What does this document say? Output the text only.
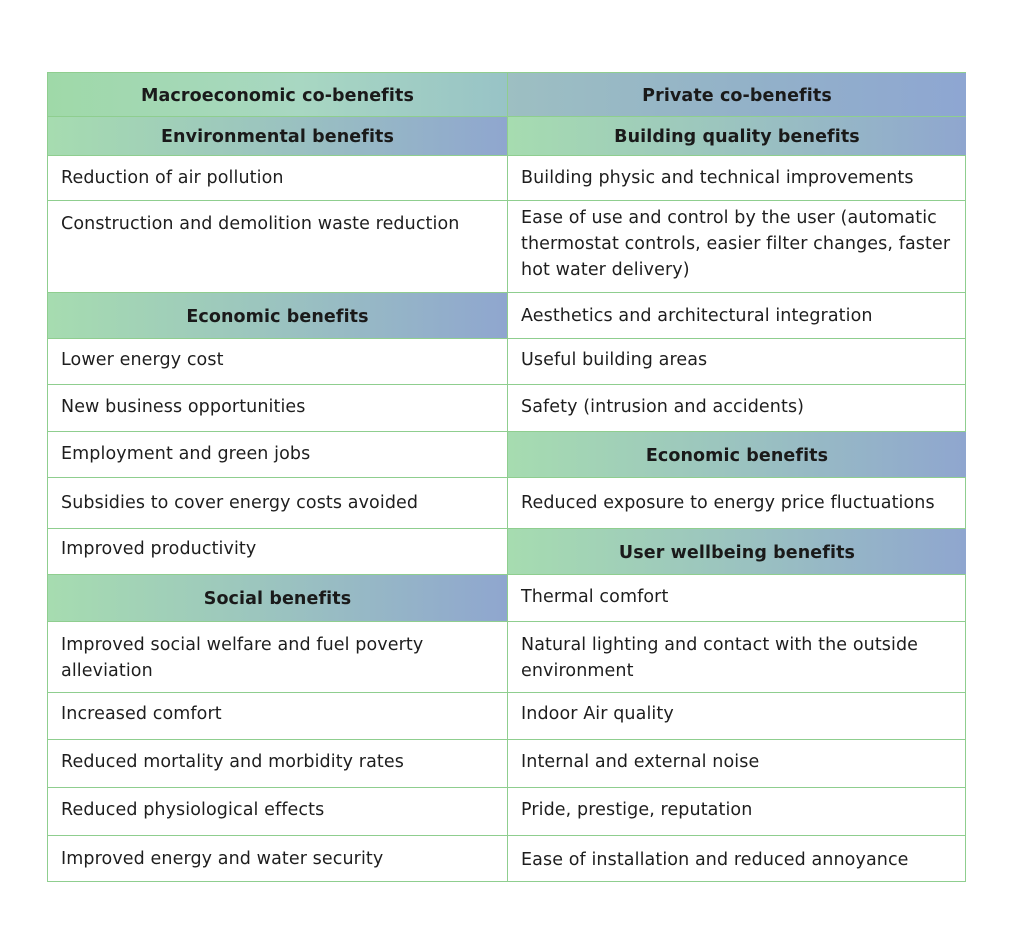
Macroeconomic co-benefits
Environmental benefits
Reduction of air pollution
Construction and demolition waste reduction
Economic benefits
Lower energy cost
New business opportunities
Employment and green jobs
Subsidies to cover energy costs avoided
Improved productivity
Social benefits
Improved social welfare and fuel poverty alleviation
Increased comfort
Reduced mortality and morbidity rates
Reduced physiological effects
Improved energy and water security
Private co-benefits
Building quality benefits
Building physic and technical improvements
Ease of use and control by the user (automatic thermostat controls, easier filter changes, faster hot water delivery)
Aesthetics and architectural integration
Useful building areas
Safety (intrusion and accidents)
Economic benefits
Reduced exposure to energy price fluctuations
User wellbeing benefits
Thermal comfort
Natural lighting and contact with the outside environment
Indoor Air quality
Internal and external noise
Pride, prestige, reputation
Ease of installation and reduced annoyance
